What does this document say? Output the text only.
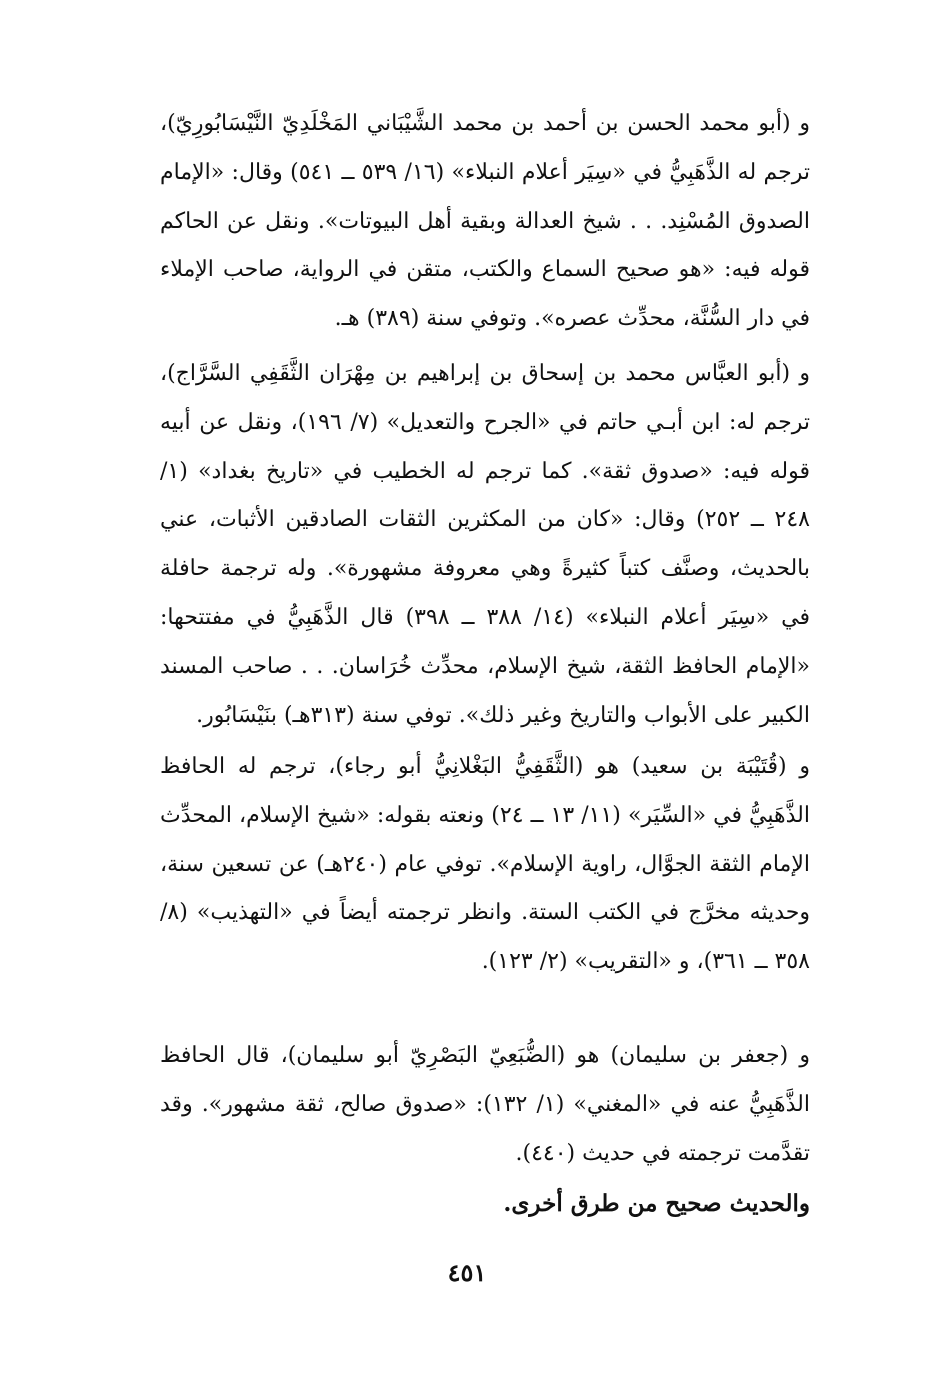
و (أبو محمد الحسن بن أحمد بن محمد الشَّيْبَاني المَخْلَدِيّ النَّيْسَابُورِيّ)، ترجم له الذَّهَبِيُّ في «سِيَر أعلام النبلاء» (١٦/ ٥٣٩ ــ ٥٤١) وقال: «الإمام الصدوق المُسْنِد. . . شيخ العدالة وبقية أهل البيوتات». ونقل عن الحاكم قوله فيه: «هو صحيح السماع والكتب، متقن في الرواية، صاحب الإملاء في دار السُّنَّة، محدِّث عصره». وتوفي سنة (٣٨٩) هـ.

و (أبو العبَّاس محمد بن إسحاق بن إبراهيم بن مِهْرَان الثَّقَفِي السَّرَّاج)، ترجم له: ابن أبـي حاتم في «الجرح والتعديل» (٧/ ١٩٦)، ونقل عن أبيه قوله فيه: «صدوق ثقة». كما ترجم له الخطيب في «تاريخ بغداد» (١/ ٢٤٨ ــ ٢٥٢) وقال: «كان من المكثرين الثقات الصادقين الأثبات، عني بالحديث، وصنَّف كتباً كثيرةً وهي معروفة مشهورة». وله ترجمة حافلة في «سِيَر أعلام النبلاء» (١٤/ ٣٨٨ ــ ٣٩٨) قال الذَّهَبِيُّ في مفتتحها: «الإمام الحافظ الثقة، شيخ الإسلام، محدِّث خُرَاسان. . . صاحب المسند الكبير على الأبواب والتاريخ وغير ذلك». توفي سنة (٣١٣هـ) بنَيْسَابُور.

و (قُتَيْبَة بن سعيد) هو (الثَّقَفِيُّ البَغْلانِيُّ أبو رجاء)، ترجم له الحافظ الذَّهَبِيُّ في «السِّيَر» (١١/ ١٣ ــ ٢٤) ونعته بقوله: «شيخ الإسلام، المحدِّث الإمام الثقة الجوَّال، راوية الإسلام». توفي عام (٢٤٠هـ) عن تسعين سنة، وحديثه مخرَّج في الكتب الستة. وانظر ترجمته أيضاً في «التهذيب» (٨/ ٣٥٨ ــ ٣٦١)، و «التقريب» (٢/ ١٢٣).

و (جعفر بن سليمان) هو (الضُّبَعِيّ البَصْرِيّ أبو سليمان)، قال الحافظ الذَّهَبِيُّ عنه في «المغني» (١/ ١٣٢): «صدوق صالح، ثقة مشهور». وقد تقدَّمت ترجمته في حديث (٤٤٠).

والحديث صحيح من طرق أخرى.

٤٥١
